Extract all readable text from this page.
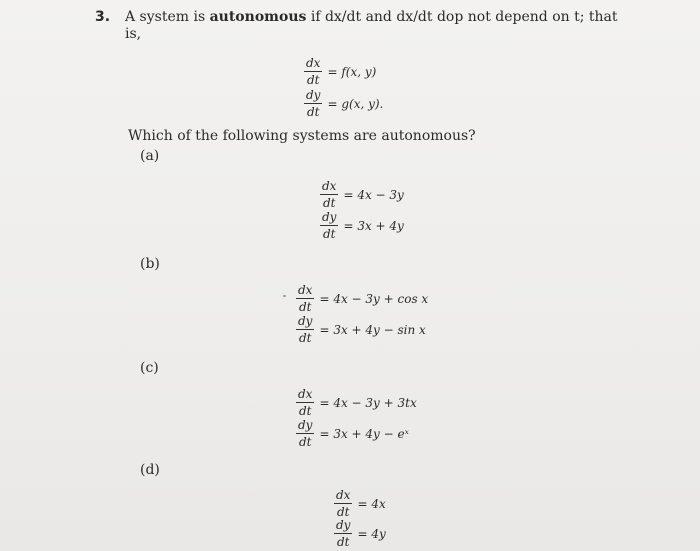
3. A system is autonomous if dx/dt and dx/dt dop not depend on t; that
is,
$\frac{dx}{dt} = f(x$, y)
$\frac{dy}{dt} = g(x$, y).
Which of the following systems are autonomous?
(a)
$\frac{dx}{dt} = 4x - 3y$
$\frac{dy}{dt} = 3x + 4y$
(b)
$\frac{dx}{dt} = 4x - 3y + \cos x$
$\frac{dy}{dt} = 3x + 4y - \sin x$
(c)
$\frac{dx}{dt} = 4x - 3y + 3tx$
$\frac{dy}{dt} = 3x + 4y$ − eˣ
(d)
$\frac{dx}{dt} = 4x$
$\frac{dy}{dt} = 4y$
